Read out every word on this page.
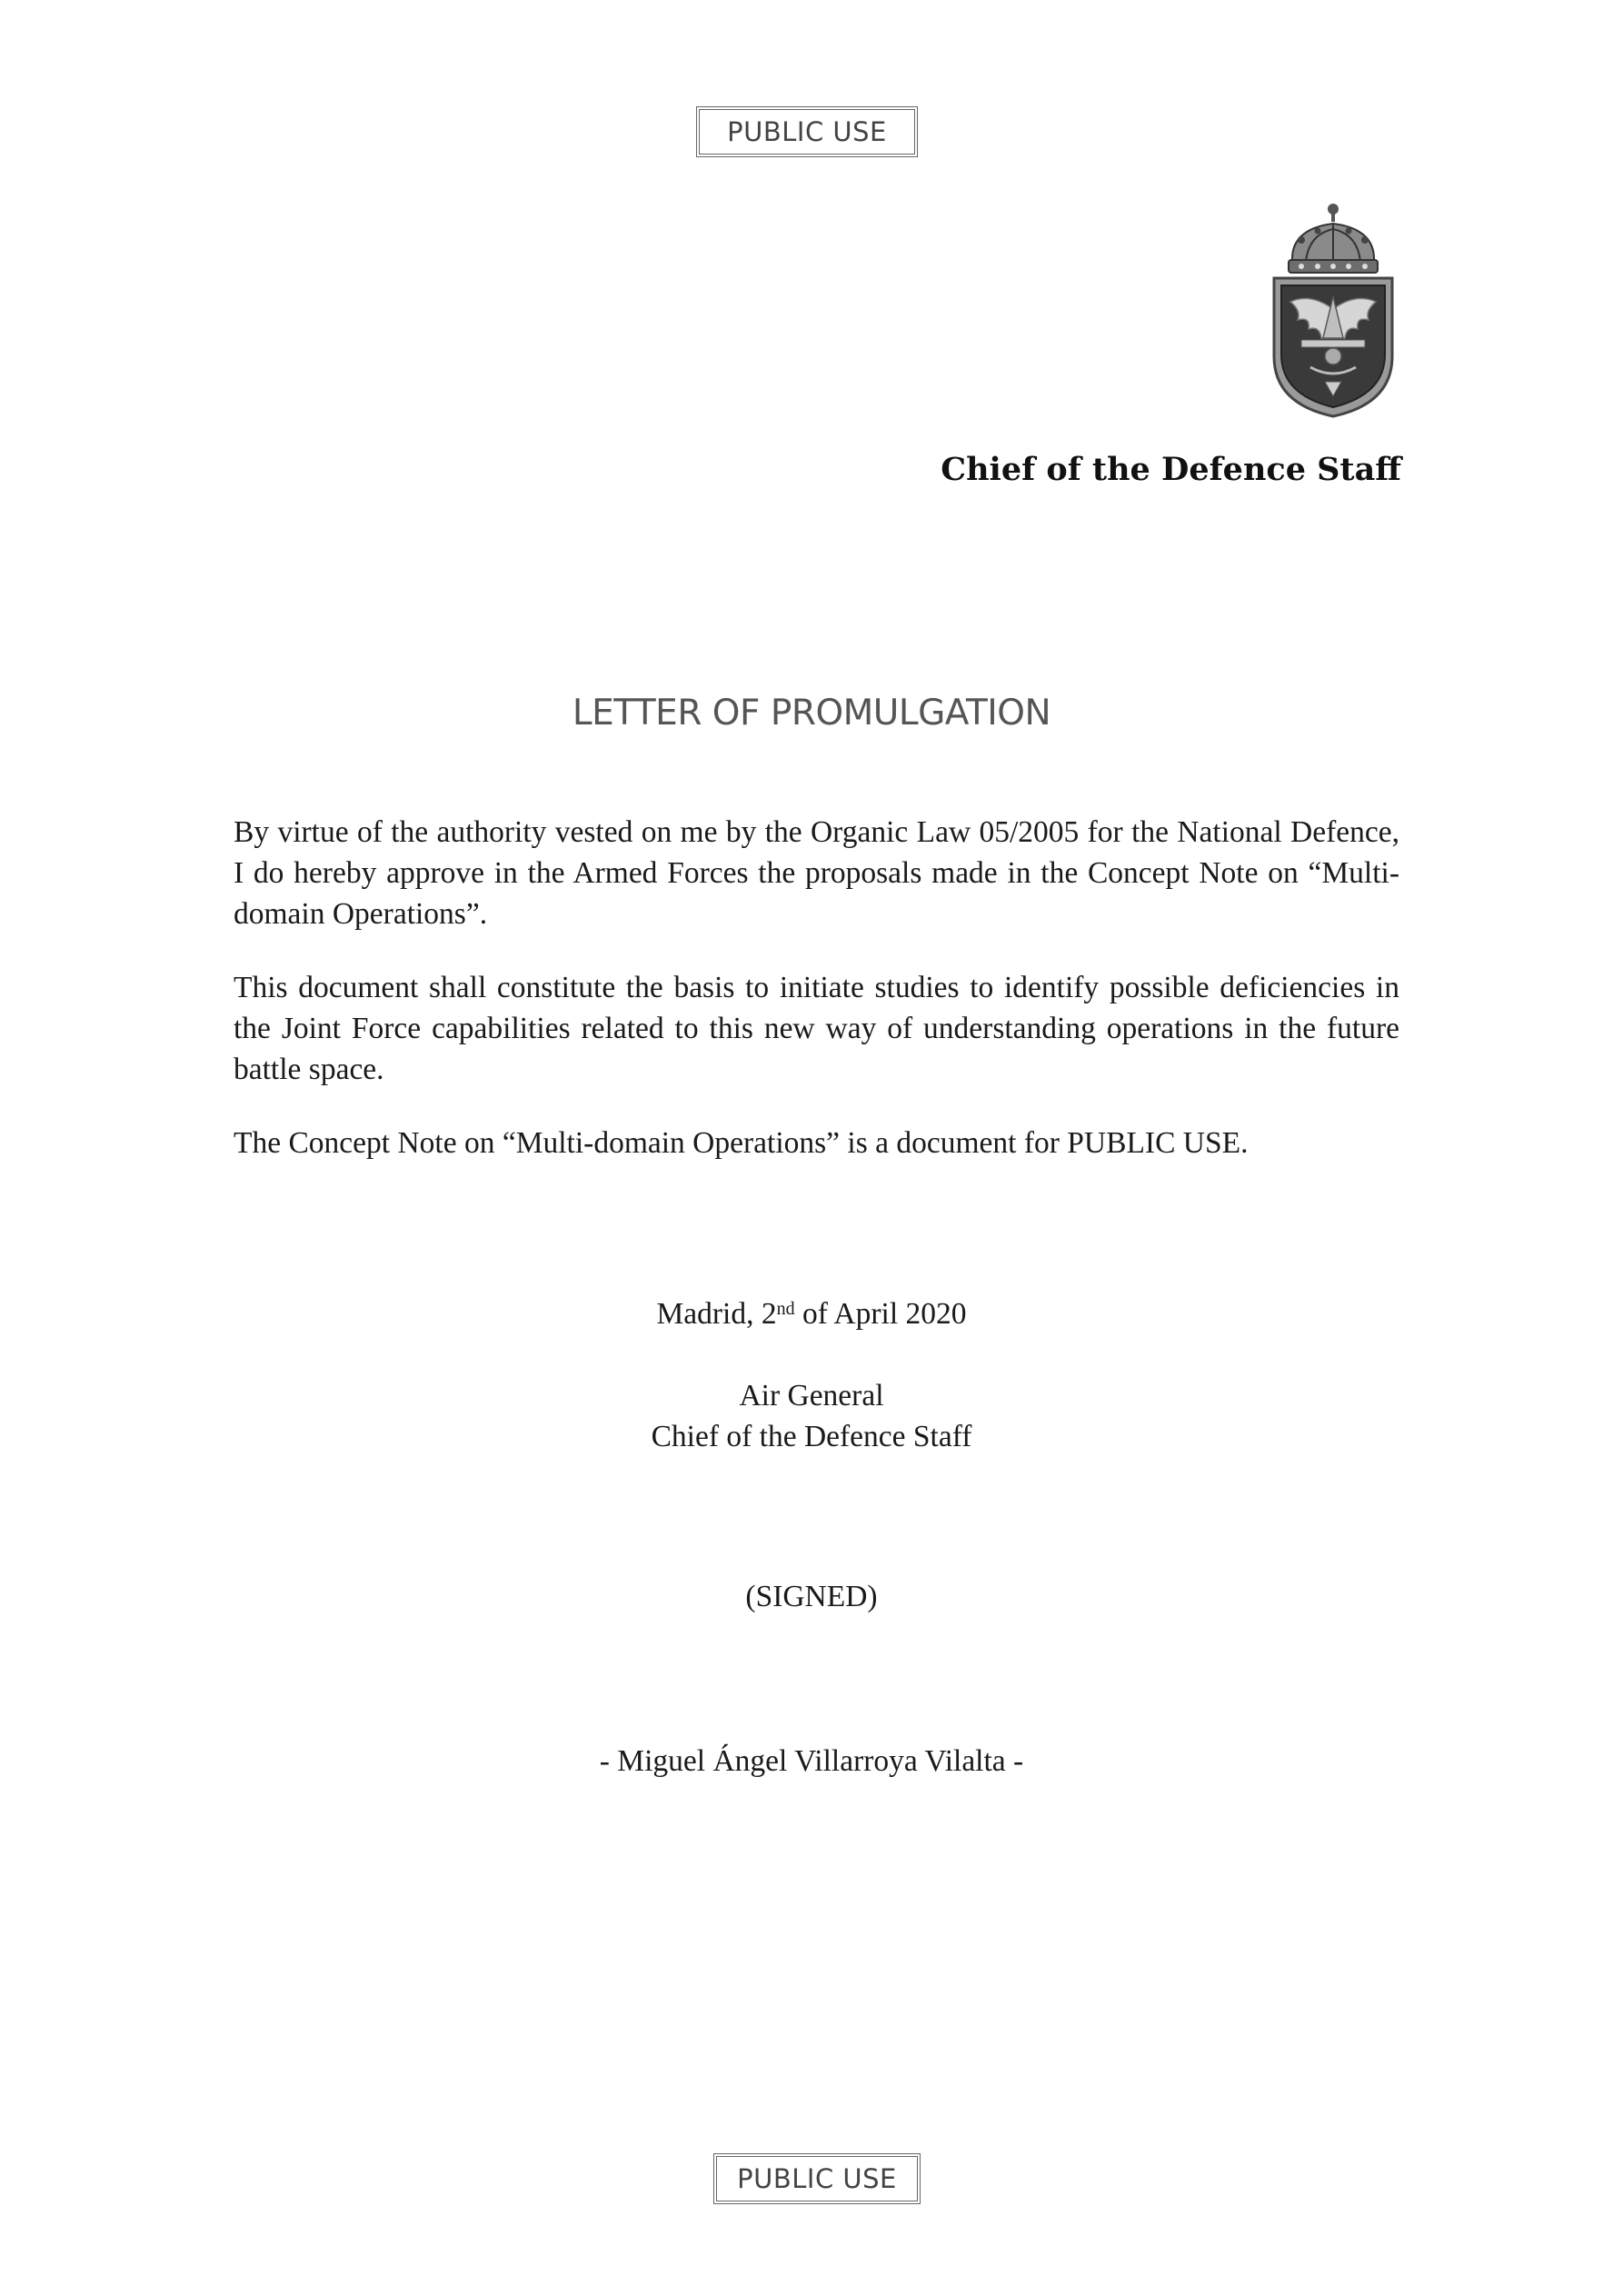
PUBLIC USE
Chief of the Defence Staff
LETTER OF PROMULGATION

By virtue of the authority vested on me by the Organic Law 05/2005 for the National Defence, I do hereby approve in the Armed Forces the proposals made in the Concept Note on “Multi-domain Operations”.

This document shall constitute the basis to initiate studies to identify possible deficiencies in the Joint Force capabilities related to this new way of understanding operations in the future battle space.

The Concept Note on “Multi-domain Operations” is a document for PUBLIC USE.

Madrid, 2nd of April 2020
Air General
Chief of the Defence Staff
(SIGNED)
- Miguel Ángel Villarroya Vilalta -
PUBLIC USE
